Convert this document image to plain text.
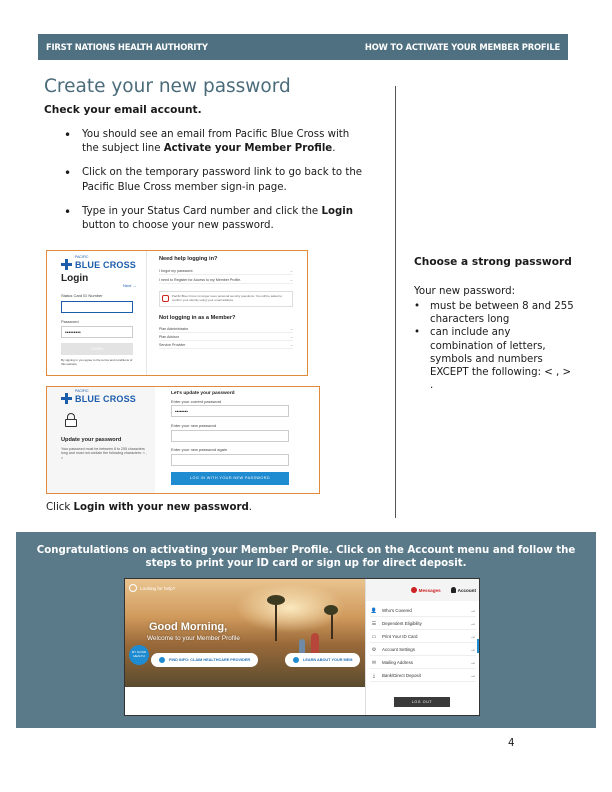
FIRST NATIONS HEALTH AUTHORITY	HOW TO ACTIVATE YOUR MEMBER PROFILE
Create your new password
Check your email account.
• You should see an email from Pacific Blue Cross with the subject line Activate your Member Profile.
• Click on the temporary password link to go back to the Pacific Blue Cross member sign-in page.
• Type in your Status Card number and click the Login button to choose your new password.
PACIFIC
BLUE CROSS
Login
Next →
Status Card ID Number
Password
•••••••••
LOGIN
By signing in you agree to the terms and conditions of this website.
Need help logging in?
I forgot my password.	→
I need to Register for Access to my Member Profile.	→
Pacific Blue Cross no longer uses personal security questions. You will be asked to confirm your identity using your email address.
Not logging in as a Member?
Plan Administrator	→
Plan Advisor	→
Service Provider	→
PACIFIC
BLUE CROSS
Update your password
Your password must be between 8 to 255 characters long and must not contain the following characters: < , >
Let's update your password
Enter your current password
••••••••
Enter your new password
Enter your new password again
LOG IN WITH YOUR NEW PASSWORD
Click Login with your new password.
Choose a strong password
Your new password:
• must be between 8 and 255 characters long
• can include any combination of letters, symbols and numbers EXCEPT the following: < , > .
Congratulations on activating your Member Profile. Click on the Account menu and follow the steps to print your ID card or sign up for direct deposit.
Looking for help?
Good Morning,
Welcome to your Member Profile
MY GOOD HEALTH
FIND INFO: CLAIM HEALTHCARE PROVIDER	LEARN ABOUT YOUR MEM
Messages	Account
👤 Who's Covered	→
☰	Dependent Eligibility	→
▭	Print Your ID Card	→
⚙	Account Settings	→
✉	Mailing Address	→
⤓	Bank/Direct Deposit	→
LOG OUT
4
